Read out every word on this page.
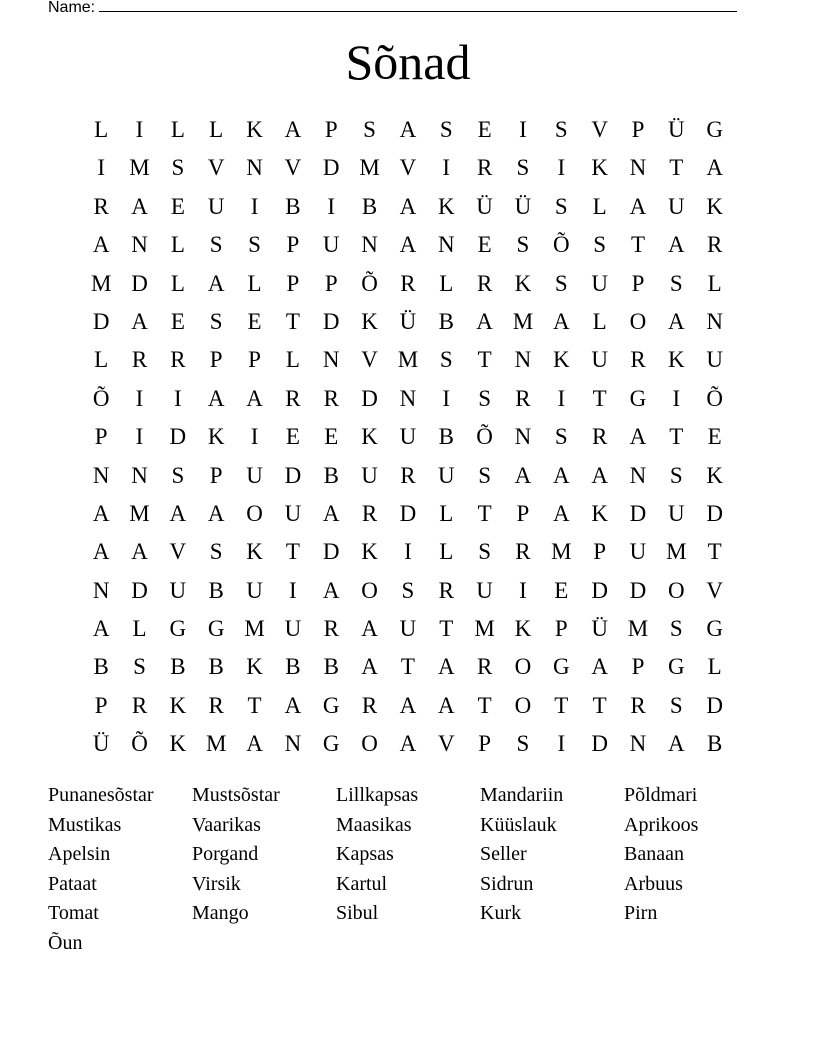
Name:
Sõnad
L	I	L	L	K A	P	S	A	S	E	I	S	V	P	Ü G
I	M S	V N V D M V	I	R	S	I	K N	T	A
R A	E	U	I	B	I	B A K Ü Ü	S	L	A U K
A N	L	S	S	P	U N A N	E	S	Õ	S	T	A R
M D	L	A	L	P	P	Õ R	L	R K	S	U	P	S	L
D A	E	S	E	T	D K Ü B A M A	L	O A N
L	R	R	P	P	L	N V M S	T	N K U R K U
Õ	I	I	A A R	R D N	I	S	R	I	T	G	I	Õ
P	I	D K	I	E	E	K U B Õ N	S	R A	T	E
N N	S	P	U D B U R U	S	A A A N	S	K
A M A A O U A R D	L	T	P	A K D U D
A A V	S	K	T	D K	I	L	S	R M P	U M T
N D U B U	I	A O	S	R U	I	E	D D O V
A	L	G G M U R A U	T M K	P	Ü M S	G
B	S	B	B K B	B A	T	A R O G A	P	G	L
P	R K R	T	A G R A A	T	O	T	T	R	S	D
Ü Õ K M A N G O A V	P	S	I	D N A B
Punanesõstar	Mustsõstar	Lillkapsas	Mandariin	Põldmari
Mustikas	Vaarikas	Maasikas	Küüslauk	Aprikoos
Apelsin	Porgand	Kapsas	Seller	Banaan
Pataat	Virsik	Kartul	Sidrun	Arbuus
Tomat	Mango	Sibul	Kurk	Pirn
Õun
